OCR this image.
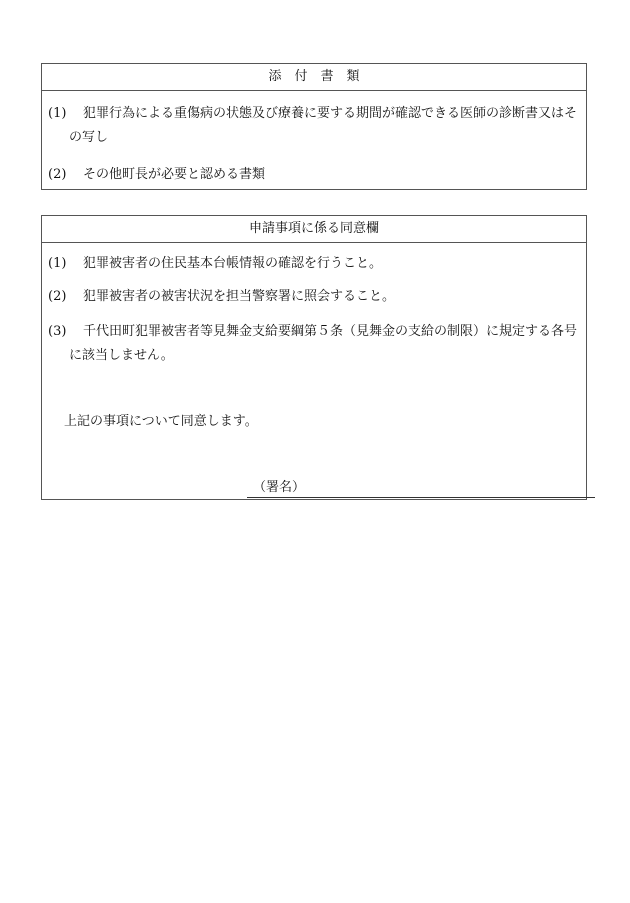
添付書類
(1)	犯罪行為による重傷病の状態及び療養に要する期間が確認できる医師の診断書又はその写し
(2)	その他町長が必要と認める書類
申請事項に係る同意欄
(1)	犯罪被害者の住民基本台帳情報の確認を行うこと。
(2)	犯罪被害者の被害状況を担当警察署に照会すること。
(3)	千代田町犯罪被害者等見舞金支給要綱第５条（見舞金の支給の制限）に規定する各号に該当しません。
上記の事項について同意します。
（署名）
